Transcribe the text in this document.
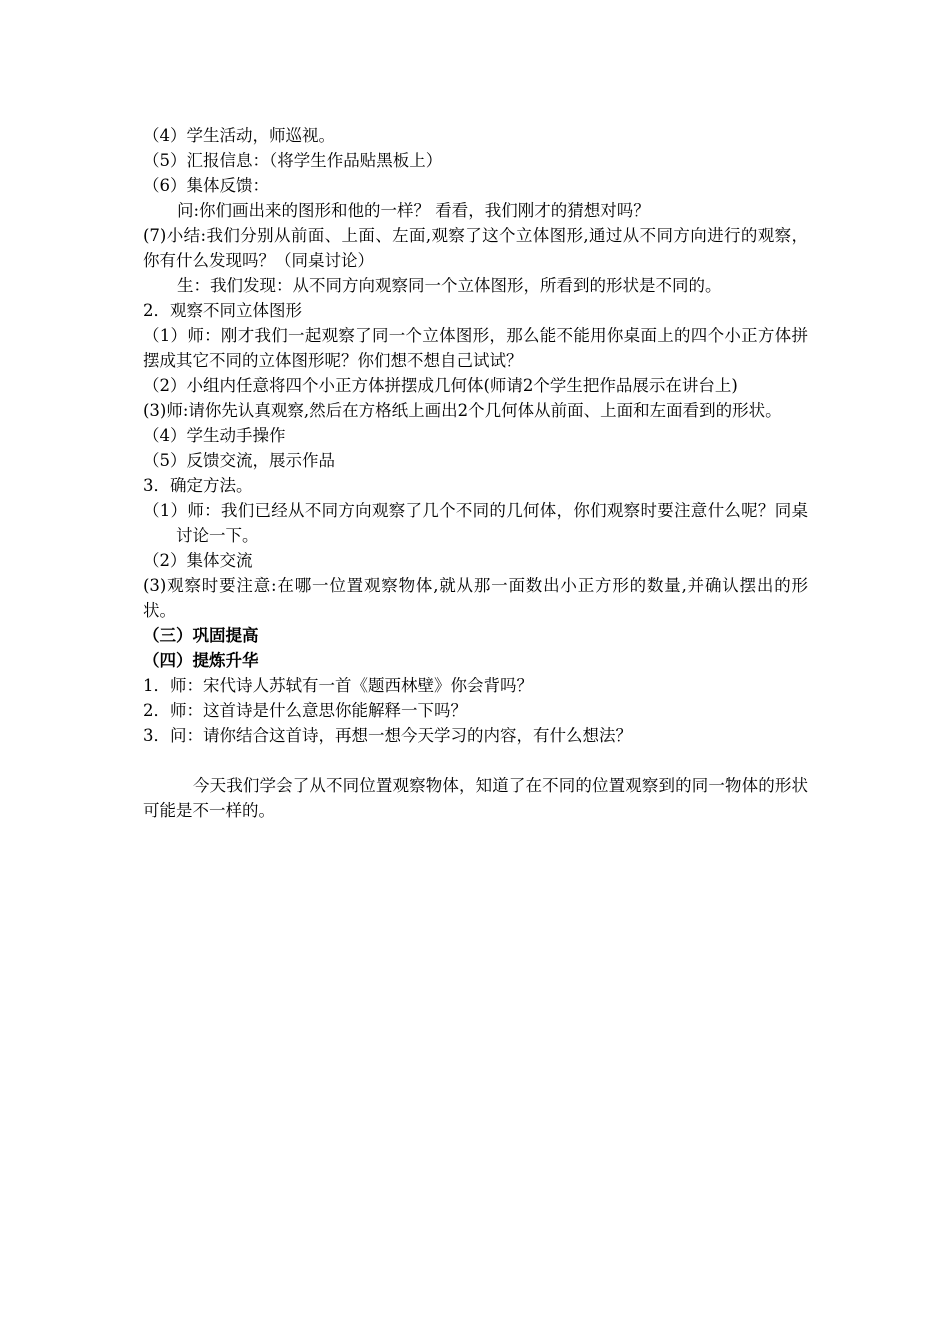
（4）学生活动，师巡视。
（5）汇报信息：（将学生作品贴黑板上）
（6）集体反馈：
问:你们画出来的图形和他的一样？ 看看，我们刚才的猜想对吗？
(7)小结:我们分别从前面、上面、左面,观察了这个立体图形,通过从不同方向进行的观察，你有什么发现吗？（同桌讨论）
生：我们发现：从不同方向观察同一个立体图形，所看到的形状是不同的。
2．观察不同立体图形
（1）师：刚才我们一起观察了同一个立体图形，那么能不能用你桌面上的四个小正方体拼摆成其它不同的立体图形呢？你们想不想自己试试？
（2）小组内任意将四个小正方体拼摆成几何体(师请2个学生把作品展示在讲台上)
(3)师:请你先认真观察,然后在方格纸上画出2个几何体从前面、上面和左面看到的形状。
（4）学生动手操作
（5）反馈交流，展示作品
3．确定方法。
（1）师：我们已经从不同方向观察了几个不同的几何体，你们观察时要注意什么呢？同桌讨论一下。
（2）集体交流
(3)观察时要注意:在哪一位置观察物体,就从那一面数出小正方形的数量,并确认摆出的形状。
（三）巩固提高
（四）提炼升华
1．师：宋代诗人苏轼有一首《题西林壁》你会背吗？
2．师：这首诗是什么意思你能解释一下吗？
3．问：请你结合这首诗，再想一想今天学习的内容，有什么想法？
今天我们学会了从不同位置观察物体，知道了在不同的位置观察到的同一物体的形状可能是不一样的。
